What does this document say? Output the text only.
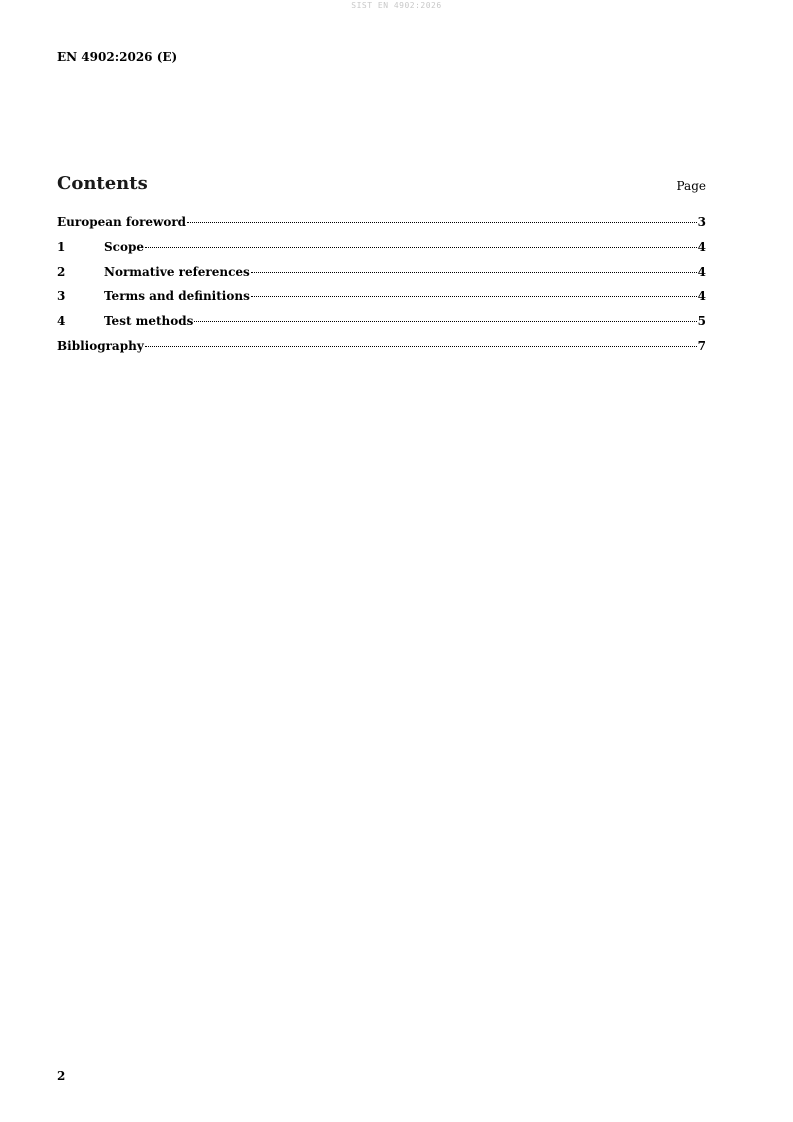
SIST EN 4902:2026
EN 4902:2026 (E)
Contents	Page
European foreword	3
1	Scope	4
2	Normative references	4
3	Terms and definitions	4
4	Test methods	5
Bibliography	7
2
